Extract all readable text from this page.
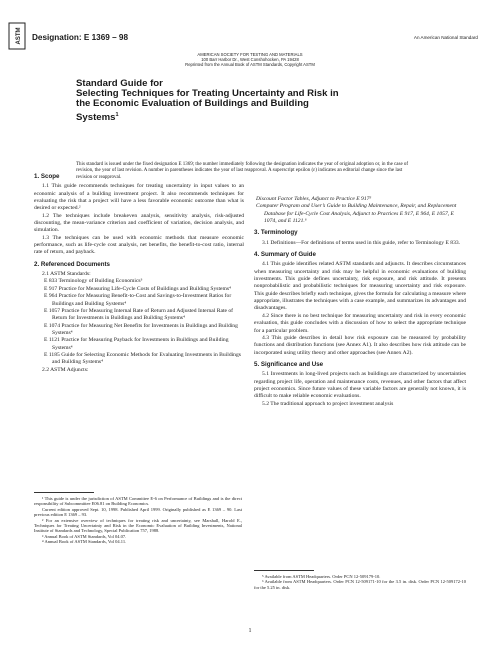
ASTM Designation: E 1369 – 98	An American National Standard
AMERICAN SOCIETY FOR TESTING AND MATERIALS
100 Barr Harbor Dr., West Conshohocken, PA 19428
Reprinted from the Annual Book of ASTM Standards, Copyright ASTM
Standard Guide for
Selecting Techniques for Treating Uncertainty and Risk in
the Economic Evaluation of Buildings and Building
Systems$^1$
This standard is issued under the fixed designation E 1369; the number immediately following the designation indicates the year of original adoption or, in the case of revision, the year of last revision. A number in parentheses indicates the year of last reapproval. A superscript epsilon (ε) indicates an editorial change since the last revision or reapproval.
1. Scope
1.1 This guide recommends techniques for treating uncertainty in input values to an economic analysis of a building investment project. It also recommends techniques for evaluating the risk that a project will have a less favorable economic outcome than what is desired or expected.²
1.2 The techniques include breakeven analysis, sensitivity analysis, risk-adjusted discounting, the mean-variance criterion and coefficient of variation, decision analysis, and simulation.
1.3 The techniques can be used with economic methods that measure economic performance, such as life-cycle cost analysis, net benefits, the benefit-to-cost ratio, internal rate of return, and payback.
2. Referenced Documents
2.1 ASTM Standards:
E 833 Terminology of Building Economics³
E 917 Practice for Measuring Life-Cycle Costs of Buildings and Building Systems⁴
E 964 Practice for Measuring Benefit-to-Cost and Savings-to-Investment Ratios for Buildings and Building Systems⁴
E 1057 Practice for Measuring Internal Rate of Return and Adjusted Internal Rate of Return for Investments in Buildings and Building Systems⁴
E 1074 Practice for Measuring Net Benefits for Investments in Buildings and Building Systems⁴
E 1121 Practice for Measuring Payback for Investments in Buildings and Building Systems⁴
E 1185 Guide for Selecting Economic Methods for Evaluating Investments in Buildings and Building Systems⁴
2.2 ASTM Adjuncts:
¹ This guide is under the jurisdiction of ASTM Committee E-6 on Performance of Buildings and is the direct responsibility of Subcommittee E06.81 on Building Economics.
Current edition approved Sept. 10, 1998. Published April 1999. Originally published as E 1369 – 90. Last previous edition E 1369 – 93.
² For an extensive overview of techniques for treating risk and uncertainty, see Marshall, Harold E., Techniques for Treating Uncertainty and Risk in the Economic Evaluation of Building Investments, National Institute of Standards and Technology, Special Publication 757, 1988.
³ Annual Book of ASTM Standards, Vol 04.07.
⁴ Annual Book of ASTM Standards, Vol 04.11.
Discount Factor Tables, Adjunct to Practice E 917⁵
Computer Program and User’s Guide to Building Maintenance, Repair, and Replacement Database for Life-Cycle Cost Analysis, Adjunct to Practices E 917, E 964, E 1057, E 1074, and E 1121.⁶
3. Terminology
3.1 Definitions—For definitions of terms used in this guide, refer to Terminology E 833.
4. Summary of Guide
4.1 This guide identifies related ASTM standards and adjuncts. It describes circumstances when measuring uncertainty and risk may be helpful in economic evaluations of building investments. This guide defines uncertainty, risk exposure, and risk attitude. It presents nonprobabilistic and probabilistic techniques for measuring uncertainty and risk exposure. This guide describes briefly each technique, gives the formula for calculating a measure where appropriate, illustrates the techniques with a case example, and summarizes its advantages and disadvantages.
4.2 Since there is no best technique for measuring uncertainty and risk in every economic evaluation, this guide concludes with a discussion of how to select the appropriate technique for a particular problem.
4.3 This guide describes in detail how risk exposure can be measured by probability functions and distribution functions (see Annex A1). It also describes how risk attitude can be incorporated using utility theory and other approaches (see Annex A2).
5. Significance and Use
5.1 Investments in long-lived projects such as buildings are characterized by uncertainties regarding project life, operation and maintenance costs, revenues, and other factors that affect project economics. Since future values of these variable factors are generally not known, it is difficult to make reliable economic evaluations.
5.2 The traditional approach to project investment analysis
⁵ Available from ASTM Headquarters. Order PCN 12-509179-10.
⁶ Available from ASTM Headquarters. Order PCN 12-509171-10 for the 3.5 in. disk. Order PCN 12-509172-10 for the 5.25 in. disk.
1
